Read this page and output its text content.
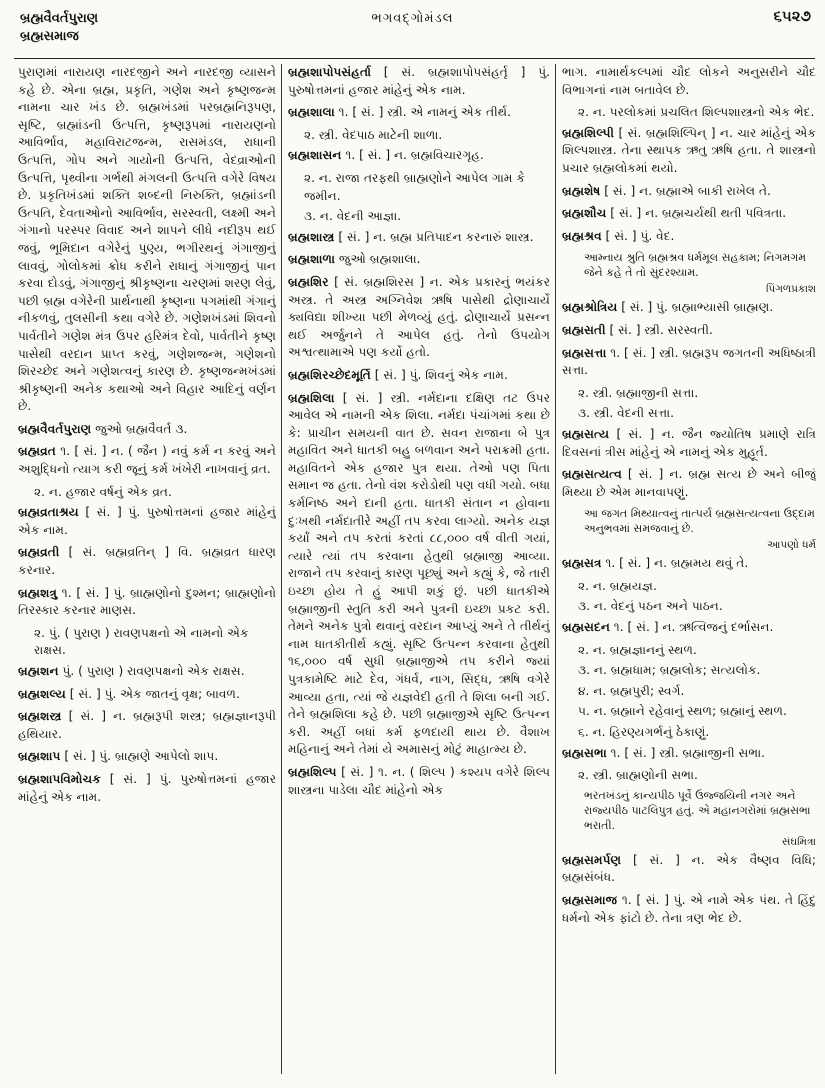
બ્રહ્મવૈવર્તપુરાણ
બ્રહ્મસમાજ
ભગવદ્ગોમંડલ	૬૫૨૭
પુરાણમાં નારાયણ નારદજીને અને નારદજી વ્યાસને કહે છે. એના બ્રહ્મ, પ્રકૃતિ, ગણેશ અને કૃષ્ણજન્મ નામના ચાર ખંડ છે. બ્રહ્મખંડમાં પરબ્રહ્મનિરૂપણ, સૃષ્ટિ, બ્રહ્માંડની ઉત્પત્તિ, કૃષ્ણરૂપમાં નારાયણનો આવિર્ભાવ, મહાવિરાટજન્મ, રાસમંડલ, રાધાની ઉત્પત્તિ, ગોપ અને ગાયોની ઉત્પત્તિ, વેદવ્રાઓની ઉત્પત્તિ, પૃથ્વીના ગર્ભથી મંગલની ઉત્પત્તિ વગેરે વિષય છે. પ્રકૃતિખંડમાં શક્તિ શબ્દની નિરુક્તિ, બ્રહ્માંડની ઉત્પતિ, દેવતાઓનો આવિર્ભાવ, સરસ્વતી, લક્ષ્મી અને ગંગાનો પરસ્પર વિવાદ અને શાપને લીધે નદીરૂપ થઈ જવું, ભૂમિદાન વગેરેનું પુણ્ય, ભગીરથનું ગંગાજીનું લાવવું, ગોલોકમાં ક્રોધ કરીને રાધાનું ગંગાજીનું પાન કરવા દોડવું, ગંગાજીનું શ્રીકૃષ્ણના ચરણમાં શરણ લેવું, પછી બ્રહ્મ વગેરેની પ્રાર્થનાથી કૃષ્ણના પગમાંથી ગંગાનું નીકળવું, તુલસીની કથા વગેરે છે. ગણેશખંડમાં શિવનો પાર્વતીને ગણેશ મંત્ર ઉપર હરિમંત્ર દેવો, પાર્વતીને કૃષ્ણ પાસેથી વરદાન પ્રાપ્ત કરવું, ગણેશજન્મ, ગણેશનો શિરચ્છેદ અને ગણેશત્વનું કારણ છે. કૃષ્ણજન્મખંડમાં શ્રીકૃષ્ણની અનેક કથાઓ અને વિહાર આદિનું વર્ણન છે.
બ્રહ્મવૈવર્તપુરાણ જુઓ બ્રહ્મવૈવર્ત ૩.
બ્રહ્મવ્રત ૧. [ સં. ] ન. ( જૈન ) નવું કર્મ ન કરવું અને અશુદ્ધિનો ત્યાગ કરી જૂનું કર્મ ખંખેરી નાખવાનું વ્રત.
૨. ન. હજાર વર્ષનું એક વ્રત.
બ્રહ્મવ્રતાશ્રય [ સં. ] પું. પુરુષોત્તમનાં હજાર માંહેનું એક નામ.
બ્રહ્મવ્રતી [ સં. બ્રહ્મવ્રતિન્ ] વિ. બ્રહ્મવ્રત ધારણ કરનાર.
બ્રહ્મશત્રુ ૧. [ સં. ] પું. બ્રાહ્મણોનો દુશ્મન; બ્રાહ્મણોનો તિરસ્કાર કરનાર માણસ.
૨. પું. ( પુરાણ ) રાવણપક્ષનો એ નામનો એક રાક્ષસ.
બ્રહ્મશન પું. ( પુરાણ ) રાવણપક્ષનો એક રાક્ષસ.
બ્રહ્મશલ્ય [ સં. ] પું. એક જાતનું વૃક્ષ; બાવળ.
બ્રહ્મશસ્ત્ર [ સં. ] ન. બ્રહ્મરૂપી શસ્ત્ર; બ્રહ્મજ્ઞાનરૂપી હથિયાર.
બ્રહ્મશાપ [ સં. ] પું. બ્રાહ્મણે આપેલો શાપ.
બ્રહ્મશાપવિમોચક [ સં. ] પું. પુરુષોત્તમનાં હજાર માંહેનું એક નામ.
બ્રહ્મશાપોપસંહર્તા [ સં. બ્રહ્મશાપોપસંહર્તૃ ] પું. પુરુષોત્તમનાં હજાર માંહેનું એક નામ.
બ્રહ્મશાલા ૧. [ સં. ] સ્ત્રી. એ નામનું એક તીર્થ.
૨. સ્ત્રી. વેદપાઠ માટેની શાળા.
બ્રહ્મશાસન ૧. [ સં. ] ન. બ્રહ્મવિચારગૃહ.
૨. ન. રાજા તરફથી બ્રાહ્મણોને આપેલ ગામ કે જમીન.
૩. ન. વેદની આજ્ઞા.
બ્રહ્મશાસ્ત્ર [ સં. ] ન. બ્રહ્મ પ્રતિપાદન કરનારું શાસ્ત્ર.
બ્રહ્મશાળા જુઓ બ્રહ્મશાલા.
બ્રહ્મશિર [ સં. બ્રહ્મશિરસ ] ન. એક પ્રકારનું ભયંકર અસ્ત્ર. તે અસ્ત્ર અગ્નિવેશ ઋષિ પાસેથી દ્રોણાચાર્યે ક્યવિદ્યા શીખ્યા પછી મેળવ્યું હતું. દ્રોણાચાર્યે પ્રસન્ન થઈ અર્જુનને તે આપેલ હતું. તેનો ઉપયોગ અશ્વત્થામાએ પણ કર્યો હતો.
બ્રહ્મશિરચ્છેદમૂર્તિ [ સં. ] પું. શિવનું એક નામ.
બ્રહ્મશિલા [ સં. ] સ્ત્રી. નર્મદાના દક્ષિણ તટ ઉપર આવેલ એ નામની એક શિલા. નર્મદા પંચાંગમાં કથા છે કે: પ્રાચીન સમયની વાત છે. સવન રાજાના બે પુત્ર મહાવિત અને ધાતકી બહુ બળવાન અને પરાક્રમી હતા. મહાવિતને એક હજાર પુત્ર થયા. તેઓ પણ પિતા સમાન જ હતા. તેનો વંશ કરોડોથી પણ વધી ગયો. બધા કર્મનિષ્ઠ અને દાની હતા. ધાતકી સંતાન ન હોવાના દુઃખથી નર્મદાતીરે અહીં તપ કરવા લાગ્યો. અનેક યજ્ઞ કર્યાં અને તપ કરતાં કરતાં ૮૮,૦૦૦ વર્ષ વીતી ગયાં, ત્યારે ત્યાં તપ કરવાના હેતુથી બ્રહ્માજી આવ્યા. રાજાને તપ કરવાનું કારણ પૂછ્યું અને કહ્યું કે, જે તારી ઇચ્છા હોય તે હું આપી શકું છું. પછી ધાતકીએ બ્રહ્માજીની સ્તુતિ કરી અને પુત્રની ઇચ્છા પ્રકટ કરી. તેમને અનેક પુત્રો થવાનું વરદાન આપ્યું અને તે તીર્થનું નામ ધાતકીતીર્થ કહ્યું. સૃષ્ટિ ઉત્પન્ન કરવાના હેતુથી ૧૬,૦૦૦ વર્ષ સુધી બ્રહ્માજીએ તપ કરીને જ્યાં પુત્રકામેષ્ટિ માટે દેવ, ગંધર્વ, નાગ, સિદ્ધ, ઋષિ વગેરે આવ્યા હતા, ત્યાં જે યજ્ઞવેદી હતી તે શિલા બની ગઈ. તેને બ્રહ્મશિલા કહે છે. પછી બ્રહ્માજીએ સૃષ્ટિ ઉત્પન્ન કરી. અહીં બધાં કર્મ ફળદાયી થાય છે. વૈશાખ મહિનાનું અને તેમાં યે અમાસનું મોટું માહાત્મ્ય છે.
બ્રહ્મશિલ્પ [ સં. ] ૧. ન. ( શિલ્પ ) કશ્યપ વગેરે શિલ્પ શાસ્ત્રના પાડેલા ચૌદ માંહેનો એક
ભાગ. નામાર્થકલ્પમાં ચૌદ લોકને અનુસરીને ચૌદ વિભાગનાં નામ બતાવેલ છે.
૨. ન. પરલોકમાં પ્રચલિત શિલ્પશાસ્ત્રનો એક ભેદ.
બ્રહ્મશિલ્પી [ સં. બ્રહ્મશિલ્પિન્ ] ન. ચાર માંહેનું એક શિલ્પશાસ્ત્ર. તેના સ્થાપક ઋતુ ઋષિ હતા. તે શાસ્ત્રનો પ્રચાર બ્રહ્મલોકમાં થયો.
બ્રહ્મશેષ [ સં. ] ન. બ્રહ્માએ બાકી રાખેલ તે.
બ્રહ્મશૌચ [ સં. ] ન. બ્રહ્મચર્યથી થતી પવિત્રતા.
બ્રહ્મશ્રવ [ સં. ] પું. વેદ.
આમ્નાય શ્રુતિ બ્રહ્મશ્રવ ધર્મમૂલ સહકામ; નિગમગમ જેને કહે તે તો સુંદરશ્યામ.
પિંગળપ્રકાશ
બ્રહ્મશ્રોત્રિય [ સં. ] પું. બ્રહ્માભ્યાસી બ્રાહ્મણ.
બ્રહ્મસતી [ સં. ] સ્ત્રી. સરસ્વતી.
બ્રહ્મસત્તા ૧. [ સં. ] સ્ત્રી. બ્રહ્મરૂપ જગતની અધિષ્ઠાત્રી સત્તા.
૨. સ્ત્રી. બ્રહ્માજીની સત્તા.
૩. સ્ત્રી. વેદની સત્તા.
બ્રહ્મસત્ય [ સં. ] ન. જૈન જ્યોતિષ પ્રમાણે રાત્રિ દિવસનાં ત્રીસ માંહેનું એ નામનું એક મુહૂર્ત.
બ્રહ્મસત્યત્વ [ સં. ] ન. બ્રહ્મ સત્ય છે અને બીજું મિથ્યા છે એમ માનવાપણું.
આ જગત મિથ્યાત્વનું તાત્પર્ય બ્રહ્મસત્યત્વના ઉદ્દામ અનુભવમાં સમજવાનું છે.
આપણો ધર્મ
બ્રહ્મસત્ર ૧. [ સં. ] ન. બ્રહ્મમય થવું તે.
૨. ન. બ્રહ્મયજ્ઞ.
૩. ન. વેદનું પઠન અને પાઠન.
બ્રહ્મસદન ૧. [ સં. ] ન. ઋત્વિજનું દર્ભાસન.
૨. ન. બ્રહ્મજ્ઞાનનું સ્થળ.
૩. ન. બ્રહ્મધામ; બ્રહ્મલોક; સત્યલોક.
૪. ન. બ્રહ્મપુરી; સ્વર્ગ.
૫. ન. બ્રહ્માને રહેવાનું સ્થળ; બ્રહ્માનું સ્થળ.
૬. ન. હિરણ્યગર્ભનું ઠેકાણું.
બ્રહ્મસભા ૧. [ સં. ] સ્ત્રી. બ્રહ્માજીની સભા.
૨. સ્ત્રી. બ્રાહ્મણોની સભા.
ભરતખંડનું કાન્યપીઠ પૂર્વે ઉજ્જયિની નગર અને રાજ્યપીઠ પાટલિપુત્ર હતું. એ મહાનગરોમાં બ્રહ્મસભા ભરાતી.
સંઘમિત્રા
બ્રહ્મસમર્પણ [ સં. ] ન. એક વૈષ્ણવ વિધિ; બ્રહ્મસંબંધ.
બ્રહ્મસમાજ ૧. [ સં. ] પું. એ નામે એક પંથ. તે હિંદુ ધર્મનો એક ફાંટો છે. તેના ત્રણ ભેદ છે.
